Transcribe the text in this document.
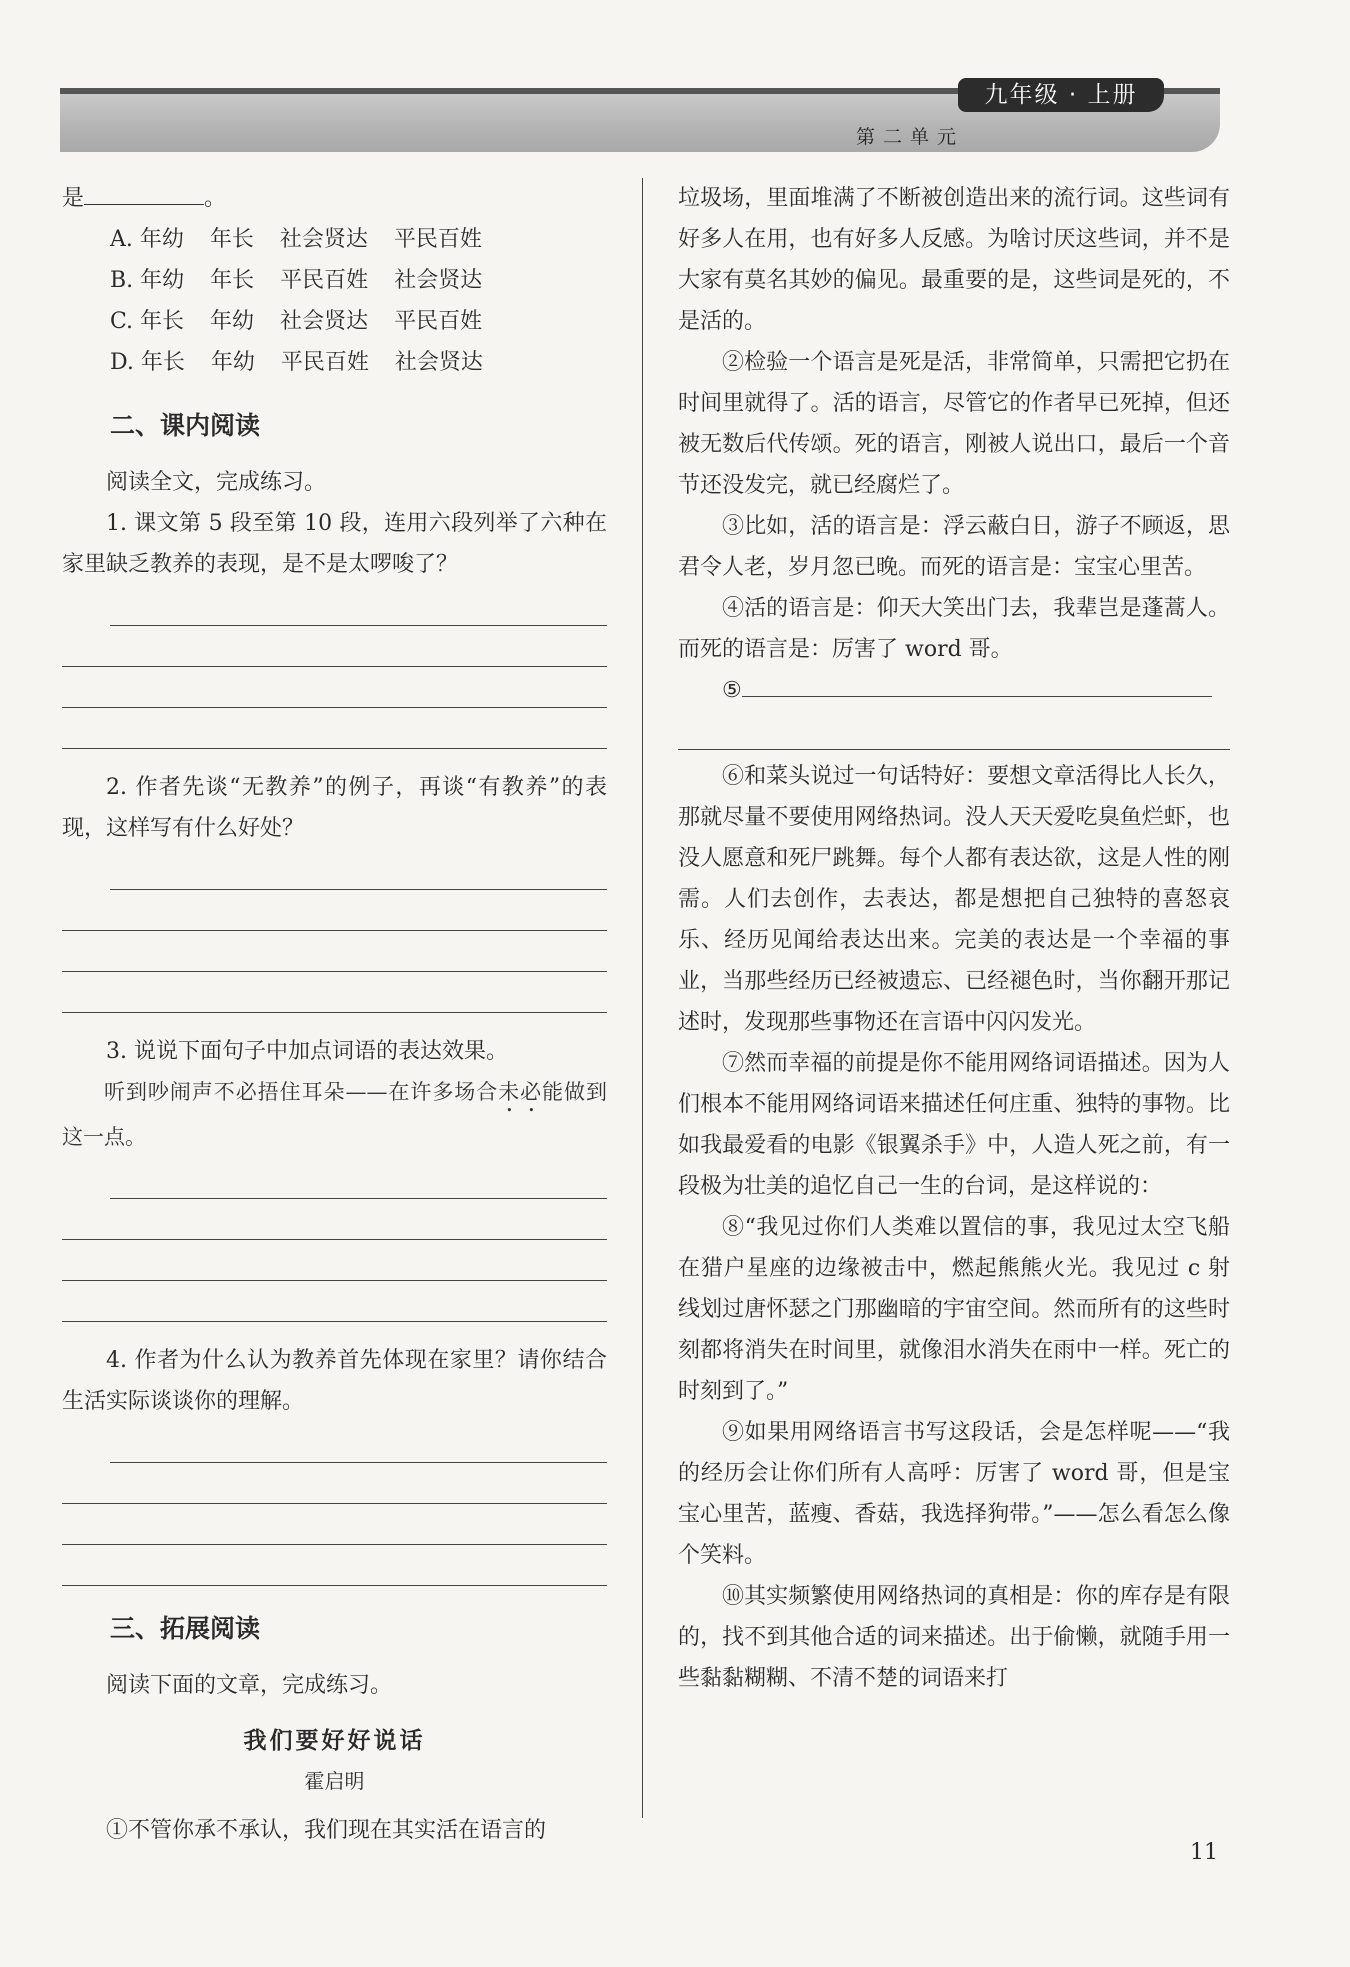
九年级 · 上册
第二单元

是	。

A. 年幼 年长 社会贤达 平民百姓
B. 年幼 年长 平民百姓 社会贤达
C. 年长 年幼 社会贤达 平民百姓
D. 年长 年幼 平民百姓 社会贤达
二、课内阅读

阅读全文，完成练习。

1. 课文第 5 段至第 10 段，连用六段列举了六种在家里缺乏教养的表现，是不是太啰唆了？

2. 作者先谈“无教养”的例子，再谈“有教养”的表现，这样写有什么好处？

3. 说说下面句子中加点词语的表达效果。

听到吵闹声不必捂住耳朵——在许多场合未必能做到这一点。

4. 作者为什么认为教养首先体现在家里？请你结合生活实际谈谈你的理解。

三、拓展阅读

阅读下面的文章，完成练习。

我们要好好说话
霍启明

①不管你承不承认，我们现在其实活在语言的

垃圾场，里面堆满了不断被创造出来的流行词。这些词有好多人在用，也有好多人反感。为啥讨厌这些词，并不是大家有莫名其妙的偏见。最重要的是，这些词是死的，不是活的。

②检验一个语言是死是活，非常简单，只需把它扔在时间里就得了。活的语言，尽管它的作者早已死掉，但还被无数后代传颂。死的语言，刚被人说出口，最后一个音节还没发完，就已经腐烂了。

③比如，活的语言是：浮云蔽白日，游子不顾返，思君令人老，岁月忽已晚。而死的语言是：宝宝心里苦。

④活的语言是：仰天大笑出门去，我辈岂是蓬蒿人。而死的语言是：厉害了 word 哥。

⑤

⑥和菜头说过一句话特好：要想文章活得比人长久，那就尽量不要使用网络热词。没人天天爱吃臭鱼烂虾，也没人愿意和死尸跳舞。每个人都有表达欲，这是人性的刚需。人们去创作，去表达，都是想把自己独特的喜怒哀乐、经历见闻给表达出来。完美的表达是一个幸福的事业，当那些经历已经被遗忘、已经褪色时，当你翻开那记述时，发现那些事物还在言语中闪闪发光。

⑦然而幸福的前提是你不能用网络词语描述。因为人们根本不能用网络词语来描述任何庄重、独特的事物。比如我最爱看的电影《银翼杀手》中，人造人死之前，有一段极为壮美的追忆自己一生的台词，是这样说的：

⑧“我见过你们人类难以置信的事，我见过太空飞船在猎户星座的边缘被击中，燃起熊熊火光。我见过 c 射线划过唐怀瑟之门那幽暗的宇宙空间。然而所有的这些时刻都将消失在时间里，就像泪水消失在雨中一样。死亡的时刻到了。”

⑨如果用网络语言书写这段话，会是怎样呢——“我的经历会让你们所有人高呼：厉害了 word 哥，但是宝宝心里苦，蓝瘦、香菇，我选择狗带。”——怎么看怎么像个笑料。

⑩其实频繁使用网络热词的真相是：你的库存是有限的，找不到其他合适的词来描述。出于偷懒，就随手用一些黏黏糊糊、不清不楚的词语来打

11
